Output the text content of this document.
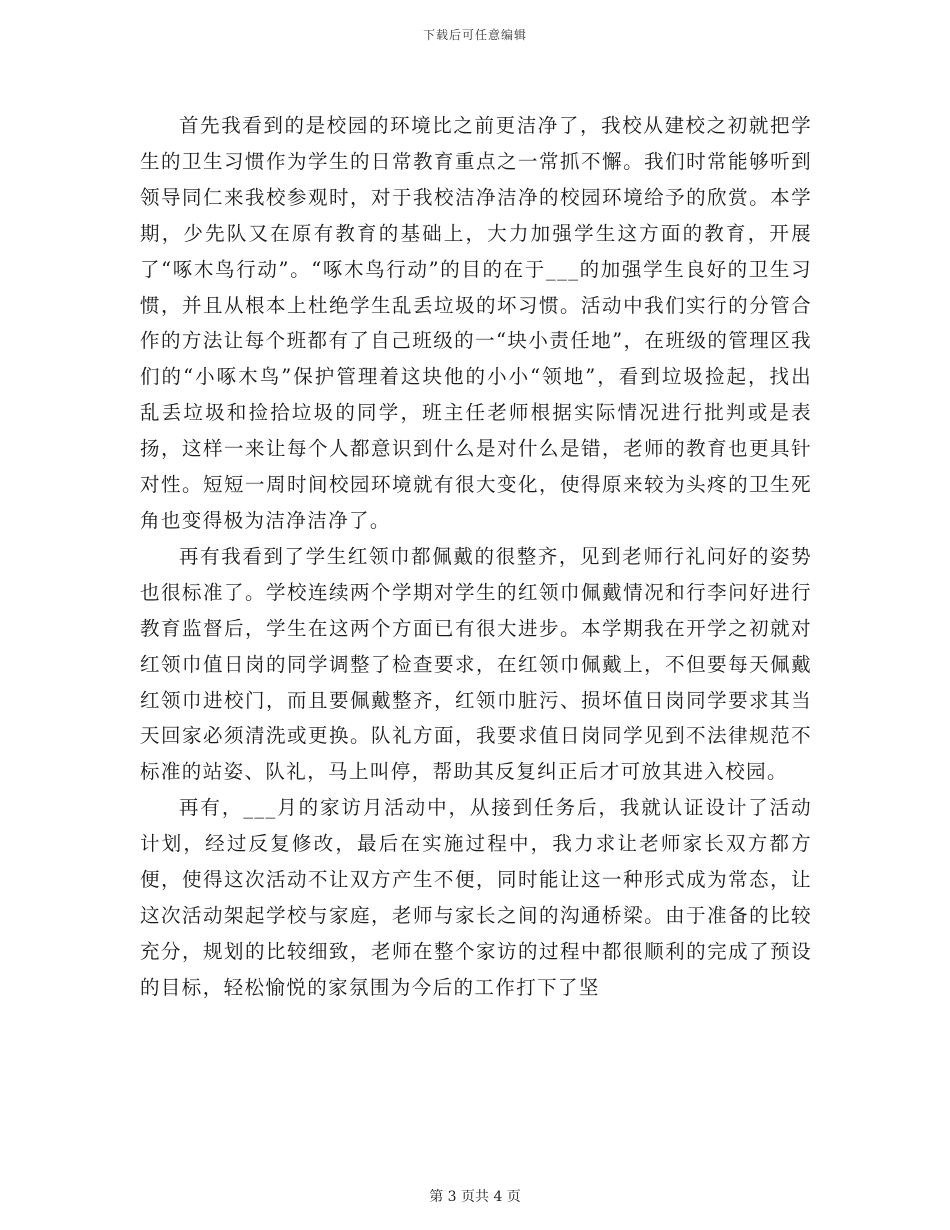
下载后可任意编辑

首先我看到的是校园的环境比之前更洁净了，我校从建校之初就把学生的卫生习惯作为学生的日常教育重点之一常抓不懈。我们时常能够听到领导同仁来我校参观时，对于我校洁净洁净的校园环境给予的欣赏。本学期，少先队又在原有教育的基础上，大力加强学生这方面的教育，开展了“啄木鸟行动”。“啄木鸟行动”的目的在于___的加强学生良好的卫生习惯，并且从根本上杜绝学生乱丢垃圾的坏习惯。活动中我们实行的分管合作的方法让每个班都有了自己班级的一“块小责任地”，在班级的管理区我们的“小啄木鸟”保护管理着这块他的小小“领地”，看到垃圾捡起，找出乱丢垃圾和捡拾垃圾的同学，班主任老师根据实际情况进行批判或是表扬，这样一来让每个人都意识到什么是对什么是错，老师的教育也更具针对性。短短一周时间校园环境就有很大变化，使得原来较为头疼的卫生死角也变得极为洁净洁净了。

再有我看到了学生红领巾都佩戴的很整齐，见到老师行礼问好的姿势也很标准了。学校连续两个学期对学生的红领巾佩戴情况和行李问好进行教育监督后，学生在这两个方面已有很大进步。本学期我在开学之初就对红领巾值日岗的同学调整了检查要求，在红领巾佩戴上，不但要每天佩戴红领巾进校门，而且要佩戴整齐，红领巾脏污、损坏值日岗同学要求其当天回家必须清洗或更换。队礼方面，我要求值日岗同学见到不法律规范不标准的站姿、队礼，马上叫停，帮助其反复纠正后才可放其进入校园。

再有，___月的家访月活动中，从接到任务后，我就认证设计了活动计划，经过反复修改，最后在实施过程中，我力求让老师家长双方都方便，使得这次活动不让双方产生不便，同时能让这一种形式成为常态，让这次活动架起学校与家庭，老师与家长之间的沟通桥梁。由于准备的比较充分，规划的比较细致，老师在整个家访的过程中都很顺利的完成了预设的目标，轻松愉悦的家氛围为今后的工作打下了坚

第 3 页共 4 页
